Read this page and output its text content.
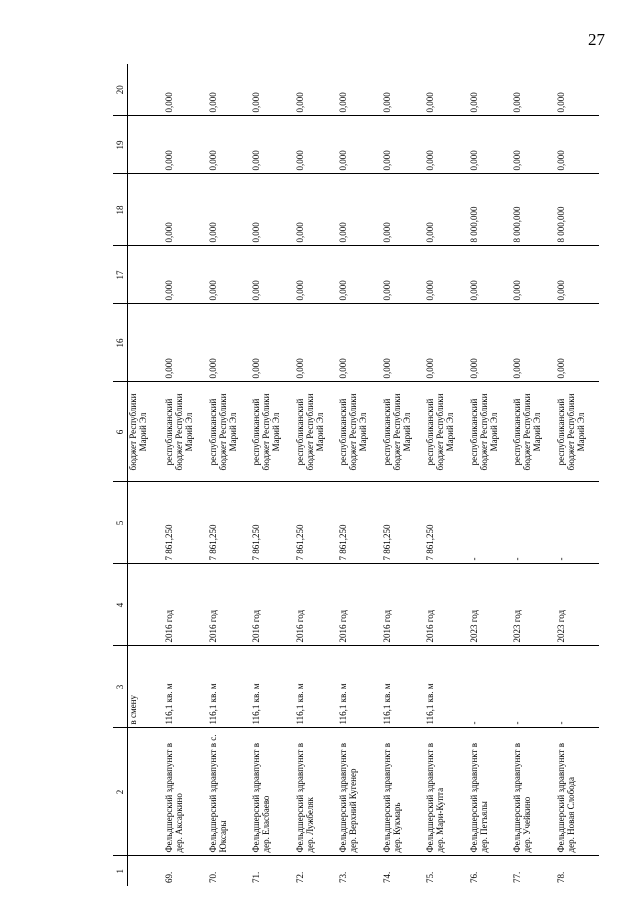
27
1	2	3	4	5	6	16	17	18	19	20
		в смену			бюджет Республики Марий Эл					
69.	Фельдшерский здравпункт в дер. Аксаркино	116,1 кв. м	2016 год	7 861,250	республиканский бюджет Республики Марий Эл	0,000	0,000	0,000	0,000	0,000
70.	Фельдшерский здравпункт в с. Юксары	116,1 кв. м	2016 год	7 861,250	республиканский бюджет Республики Марий Эл	0,000	0,000	0,000	0,000	0,000
71.	Фельдшерский здравпункт в дер. Еласбаево	116,1 кв. м	2016 год	7 861,250	республиканский бюджет Республики Марий Эл	0,000	0,000	0,000	0,000	0,000
72.	Фельдшерский здравпункт в дер. Лужбеляк	116,1 кв. м	2016 год	7 861,250	республиканский бюджет Республики Марий Эл	0,000	0,000	0,000	0,000	0,000
73.	Фельдшерский здравпункт в дер. Верхний Кугенер	116,1 кв. м	2016 год	7 861,250	республиканский бюджет Республики Марий Эл	0,000	0,000	0,000	0,000	0,000
74.	Фельдшерский здравпункт в дер. Кукмарь	116,1 кв. м	2016 год	7 861,250	республиканский бюджет Республики Марий Эл	0,000	0,000	0,000	0,000	0,000
75.	Фельдшерский здравпункт в дер. Мари-Купта	116,1 кв. м	2016 год	7 861,250	республиканский бюджет Республики Марий Эл	0,000	0,000	0,000	0,000	0,000
76.	Фельдшерский здравпункт в дер. Петъялы	-	2023 год	-	республиканский бюджет Республики Марий Эл	0,000	0,000	8 000,000	0,000	0,000
77.	Фельдшерский здравпункт в дер. Учейкино	-	2023 год	-	республиканский бюджет Республики Марий Эл	0,000	0,000	8 000,000	0,000	0,000
78.	Фельдшерский здравпункт в дер. Новая Слобода	-	2023 год	-	республиканский бюджет Республики Марий Эл	0,000	0,000	8 000,000	0,000	0,000
